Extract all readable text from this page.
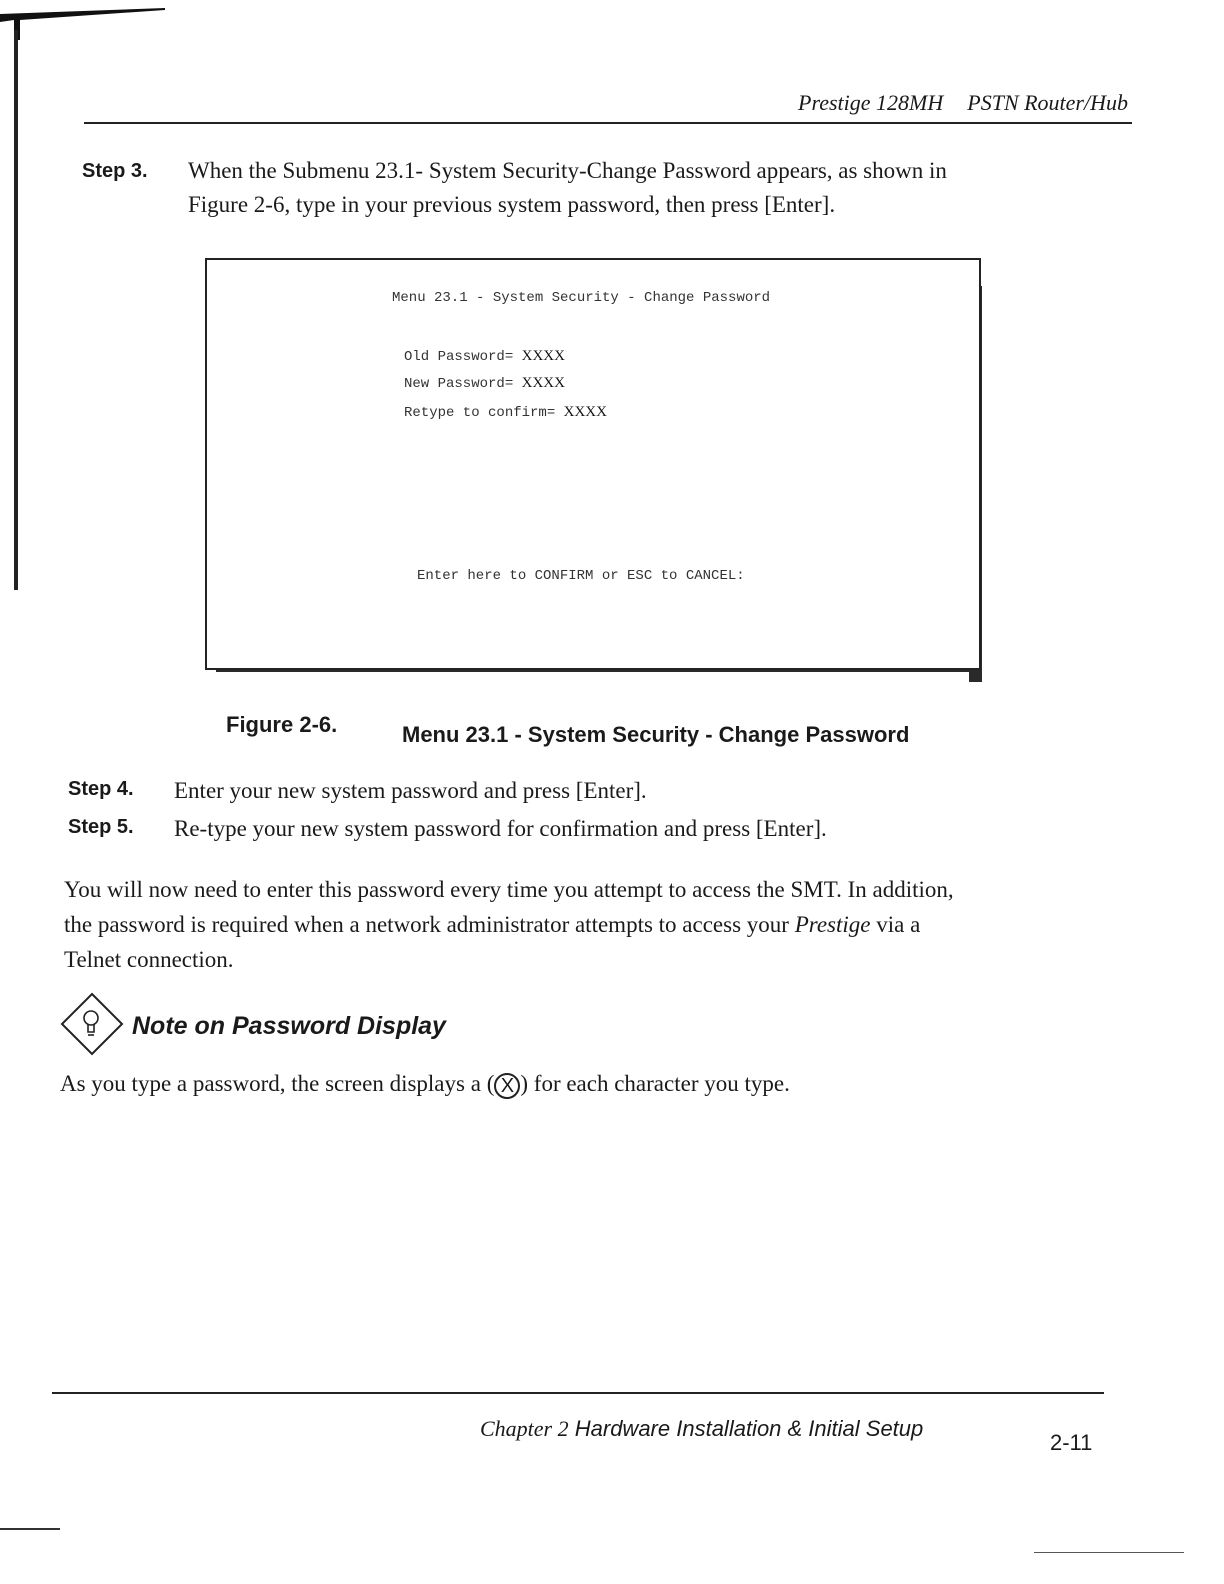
Prestige 128MH PSTN Router/Hub
Step 3. When the Submenu 23.1- System Security-Change Password appears, as shown in
Figure 2-6, type in your previous system password, then press [Enter].
Menu 23.1 - System Security - Change Password
Old Password= XXXX
New Password= XXXX
Retype to confirm= XXXX
Enter here to CONFIRM or ESC to CANCEL:
Figure 2-6.	Menu 23.1 - System Security - Change Password
Step 4. Enter your new system password and press [Enter].
Step 5. Re-type your new system password for confirmation and press [Enter].
You will now need to enter this password every time you attempt to access the SMT. In addition,
the password is required when a network administrator attempts to access your Prestige via a
Telnet connection.
Note on Password Display
As you type a password, the screen displays a ( X ) for each character you type.
Chapter 2 Hardware Installation & Initial Setup
2-11
